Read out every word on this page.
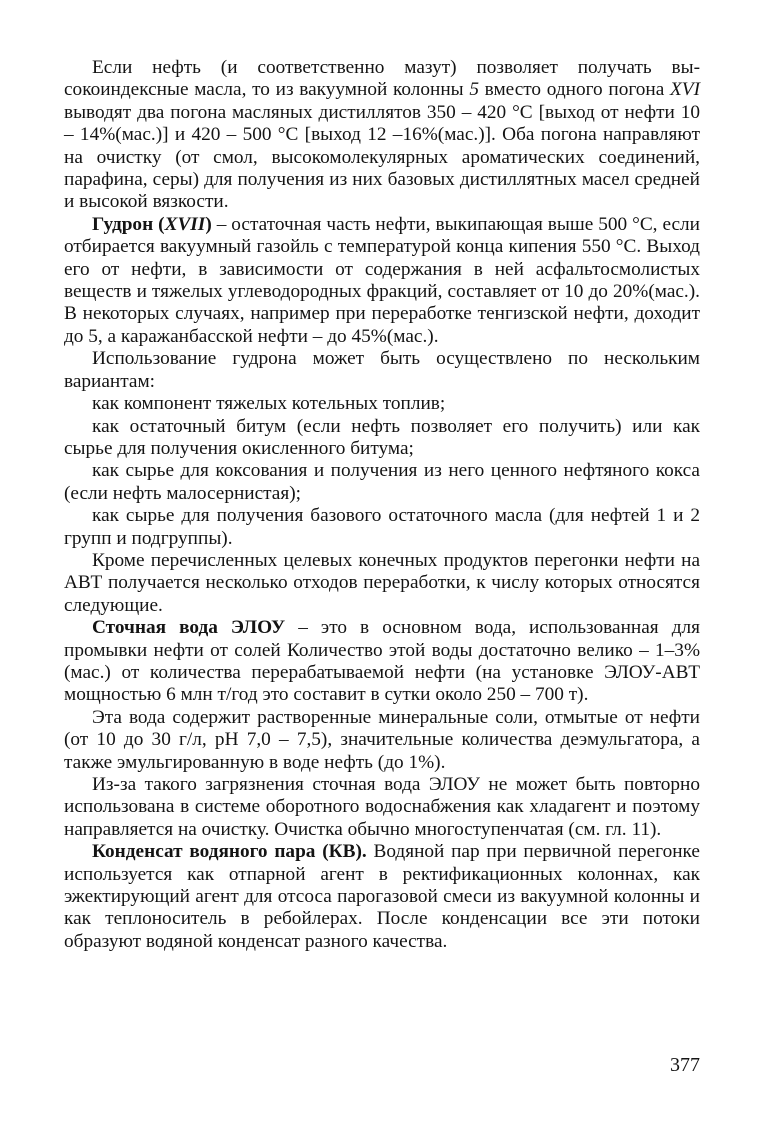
Если нефть (и соответственно мазут) позволяет получать высокоиндексные масла, то из вакуумной колонны 5 вместо одного погона XVI выводят два погона масляных дистиллятов 350 – 420 °С [выход от нефти 10 – 14%(мас.)] и 420 – 500 °С [выход 12 –16%(мас.)]. Оба погона направляют на очистку (от смол, высокомолекулярных ароматических соединений, парафина, серы) для получения из них базовых дистиллятных масел средней и высокой вязкости.

Гудрон (XVII) – остаточная часть нефти, выкипающая выше 500 °С, если отбирается вакуумный газойль с температурой конца кипения 550 °С. Выход его от нефти, в зависимости от содержания в ней асфальтосмолистых веществ и тяжелых углеводородных фракций, составляет от 10 до 20%(мас.). В некоторых случаях, например при переработке тенгизской нефти, доходит до 5, а каражанбасской нефти – до 45%(мас.).

Использование гудрона может быть осуществлено по нескольким вариантам:

как компонент тяжелых котельных топлив;

как остаточный битум (если нефть позволяет его получить) или как сырье для получения окисленного битума;

как сырье для коксования и получения из него ценного нефтяного кокса (если нефть малосернистая);

как сырье для получения базового остаточного масла (для нефтей 1 и 2 групп и подгруппы).

Кроме перечисленных целевых конечных продуктов перегонки нефти на АВТ получается несколько отходов переработки, к числу которых относятся следующие.

Сточная вода ЭЛОУ – это в основном вода, использованная для промывки нефти от солей Количество этой воды достаточно велико – 1–3%(мас.) от количества перерабатываемой нефти (на установке ЭЛОУ-АВТ мощностью 6 млн т/год это составит в сутки около 250 – 700 т).

Эта вода содержит растворенные минеральные соли, отмытые от нефти (от 10 до 30 г/л, рН 7,0 – 7,5), значительные количества деэмульгатора, а также эмульгированную в воде нефть (до 1%).

Из-за такого загрязнения сточная вода ЭЛОУ не может быть повторно использована в системе оборотного водоснабжения как хладагент и поэтому направляется на очистку. Очистка обычно многоступенчатая (см. гл. 11).

Конденсат водяного пара (КВ). Водяной пар при первичной перегонке используется как отпарной агент в ректификационных колоннах, как эжектирующий агент для отсоса парогазовой смеси из вакуумной колонны и как теплоноситель в ребойлерах. После конденсации все эти потоки образуют водяной конденсат разного качества.

377
